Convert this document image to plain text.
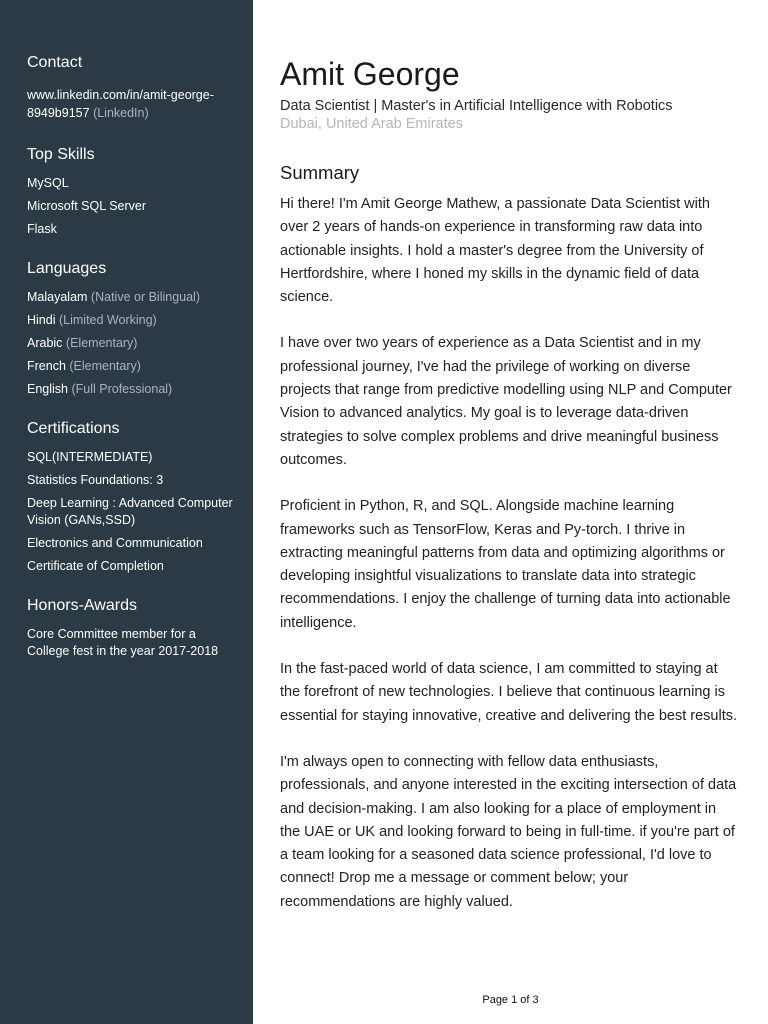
Contact
www.linkedin.com/in/amit-george-8949b9157 (LinkedIn)
Top Skills
MySQL
Microsoft SQL Server
Flask
Languages
Malayalam (Native or Bilingual)
Hindi (Limited Working)
Arabic (Elementary)
French (Elementary)
English (Full Professional)
Certifications
SQL(INTERMEDIATE)
Statistics Foundations: 3
Deep Learning : Advanced Computer Vision (GANs,SSD)
Electronics and Communication
Certificate of Completion
Honors-Awards
Core Committee member for a College fest in the year 2017-2018
Amit George
Data Scientist | Master's in Artificial Intelligence with Robotics
Dubai, United Arab Emirates
Summary

Hi there! I'm Amit George Mathew, a passionate Data Scientist with over 2 years of hands-on experience in transforming raw data into actionable insights. I hold a master's degree from the University of Hertfordshire, where I honed my skills in the dynamic field of data science.

I have over two years of experience as a Data Scientist and in my professional journey, I've had the privilege of working on diverse projects that range from predictive modelling using NLP and Computer Vision to advanced analytics. My goal is to leverage data-driven strategies to solve complex problems and drive meaningful business outcomes.

Proficient in Python, R, and SQL. Alongside machine learning frameworks such as TensorFlow, Keras and Py-torch. I thrive in extracting meaningful patterns from data and optimizing algorithms or developing insightful visualizations to translate data into strategic recommendations. I enjoy the challenge of turning data into actionable intelligence.

In the fast-paced world of data science, I am committed to staying at the forefront of new technologies. I believe that continuous learning is essential for staying innovative, creative and delivering the best results.

I'm always open to connecting with fellow data enthusiasts, professionals, and anyone interested in the exciting intersection of data and decision-making. I am also looking for a place of employment in the UAE or UK and looking forward to being in full-time. if you're part of a team looking for a seasoned data science professional, I'd love to connect! Drop me a message or comment below; your recommendations are highly valued.

Page 1 of 3
